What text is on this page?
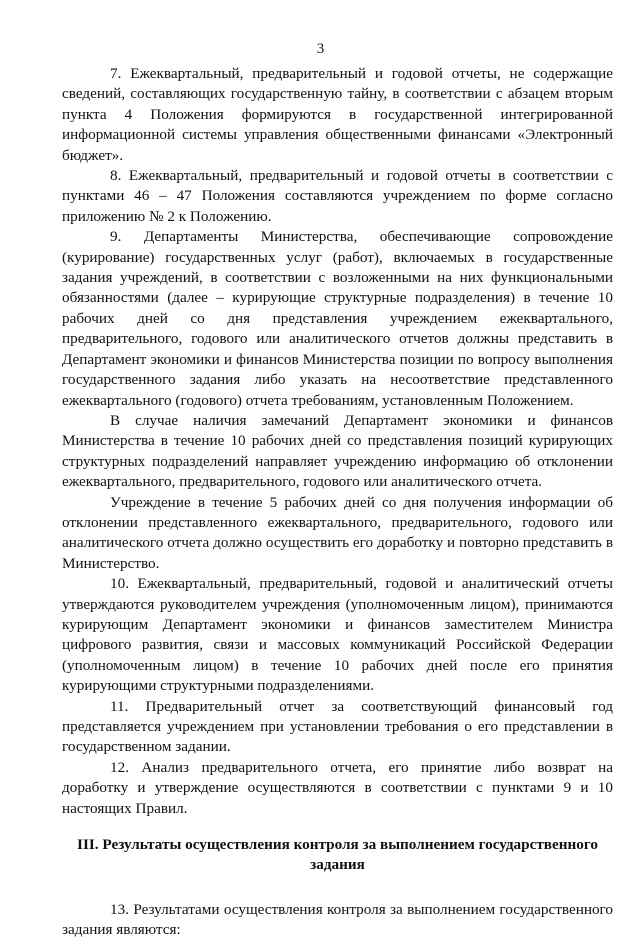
3

7. Ежеквартальный, предварительный и годовой отчеты, не содержащие сведений, составляющих государственную тайну, в соответствии с абзацем вторым пункта 4 Положения формируются в государственной интегрированной информационной системы управления общественными финансами «Электронный бюджет».

8. Ежеквартальный, предварительный и годовой отчеты в соответствии с пунктами 46 – 47 Положения составляются учреждением по форме согласно приложению № 2 к Положению.

9. Департаменты Министерства, обеспечивающие сопровождение (курирование) государственных услуг (работ), включаемых в государственные задания учреждений, в соответствии с возложенными на них функциональными обязанностями (далее – курирующие структурные подразделения) в течение 10 рабочих дней со дня представления учреждением ежеквартального, предварительного, годового или аналитического отчетов должны представить в Департамент экономики и финансов Министерства позиции по вопросу выполнения государственного задания либо указать на несоответствие представленного ежеквартального (годового) отчета требованиям, установленным Положением.

В случае наличия замечаний Департамент экономики и финансов Министерства в течение 10 рабочих дней со представления позиций курирующих структурных подразделений направляет учреждению информацию об отклонении ежеквартального, предварительного, годового или аналитического отчета.

Учреждение в течение 5 рабочих дней со дня получения информации об отклонении представленного ежеквартального, предварительного, годового или аналитического отчета должно осуществить его доработку и повторно представить в Министерство.

10. Ежеквартальный, предварительный, годовой и аналитический отчеты утверждаются руководителем учреждения (уполномоченным лицом), принимаются курирующим Департамент экономики и финансов заместителем Министра цифрового развития, связи и массовых коммуникаций Российской Федерации (уполномоченным лицом) в течение 10 рабочих дней после его принятия курирующими структурными подразделениями.

11. Предварительный отчет за соответствующий финансовый год представляется учреждением при установлении требования о его представлении в государственном задании.

12. Анализ предварительного отчета, его принятие либо возврат на доработку и утверждение осуществляются в соответствии с пунктами 9 и 10 настоящих Правил.

III. Результаты осуществления контроля за выполнением государственного задания

13. Результатами осуществления контроля за выполнением государственного задания являются:
